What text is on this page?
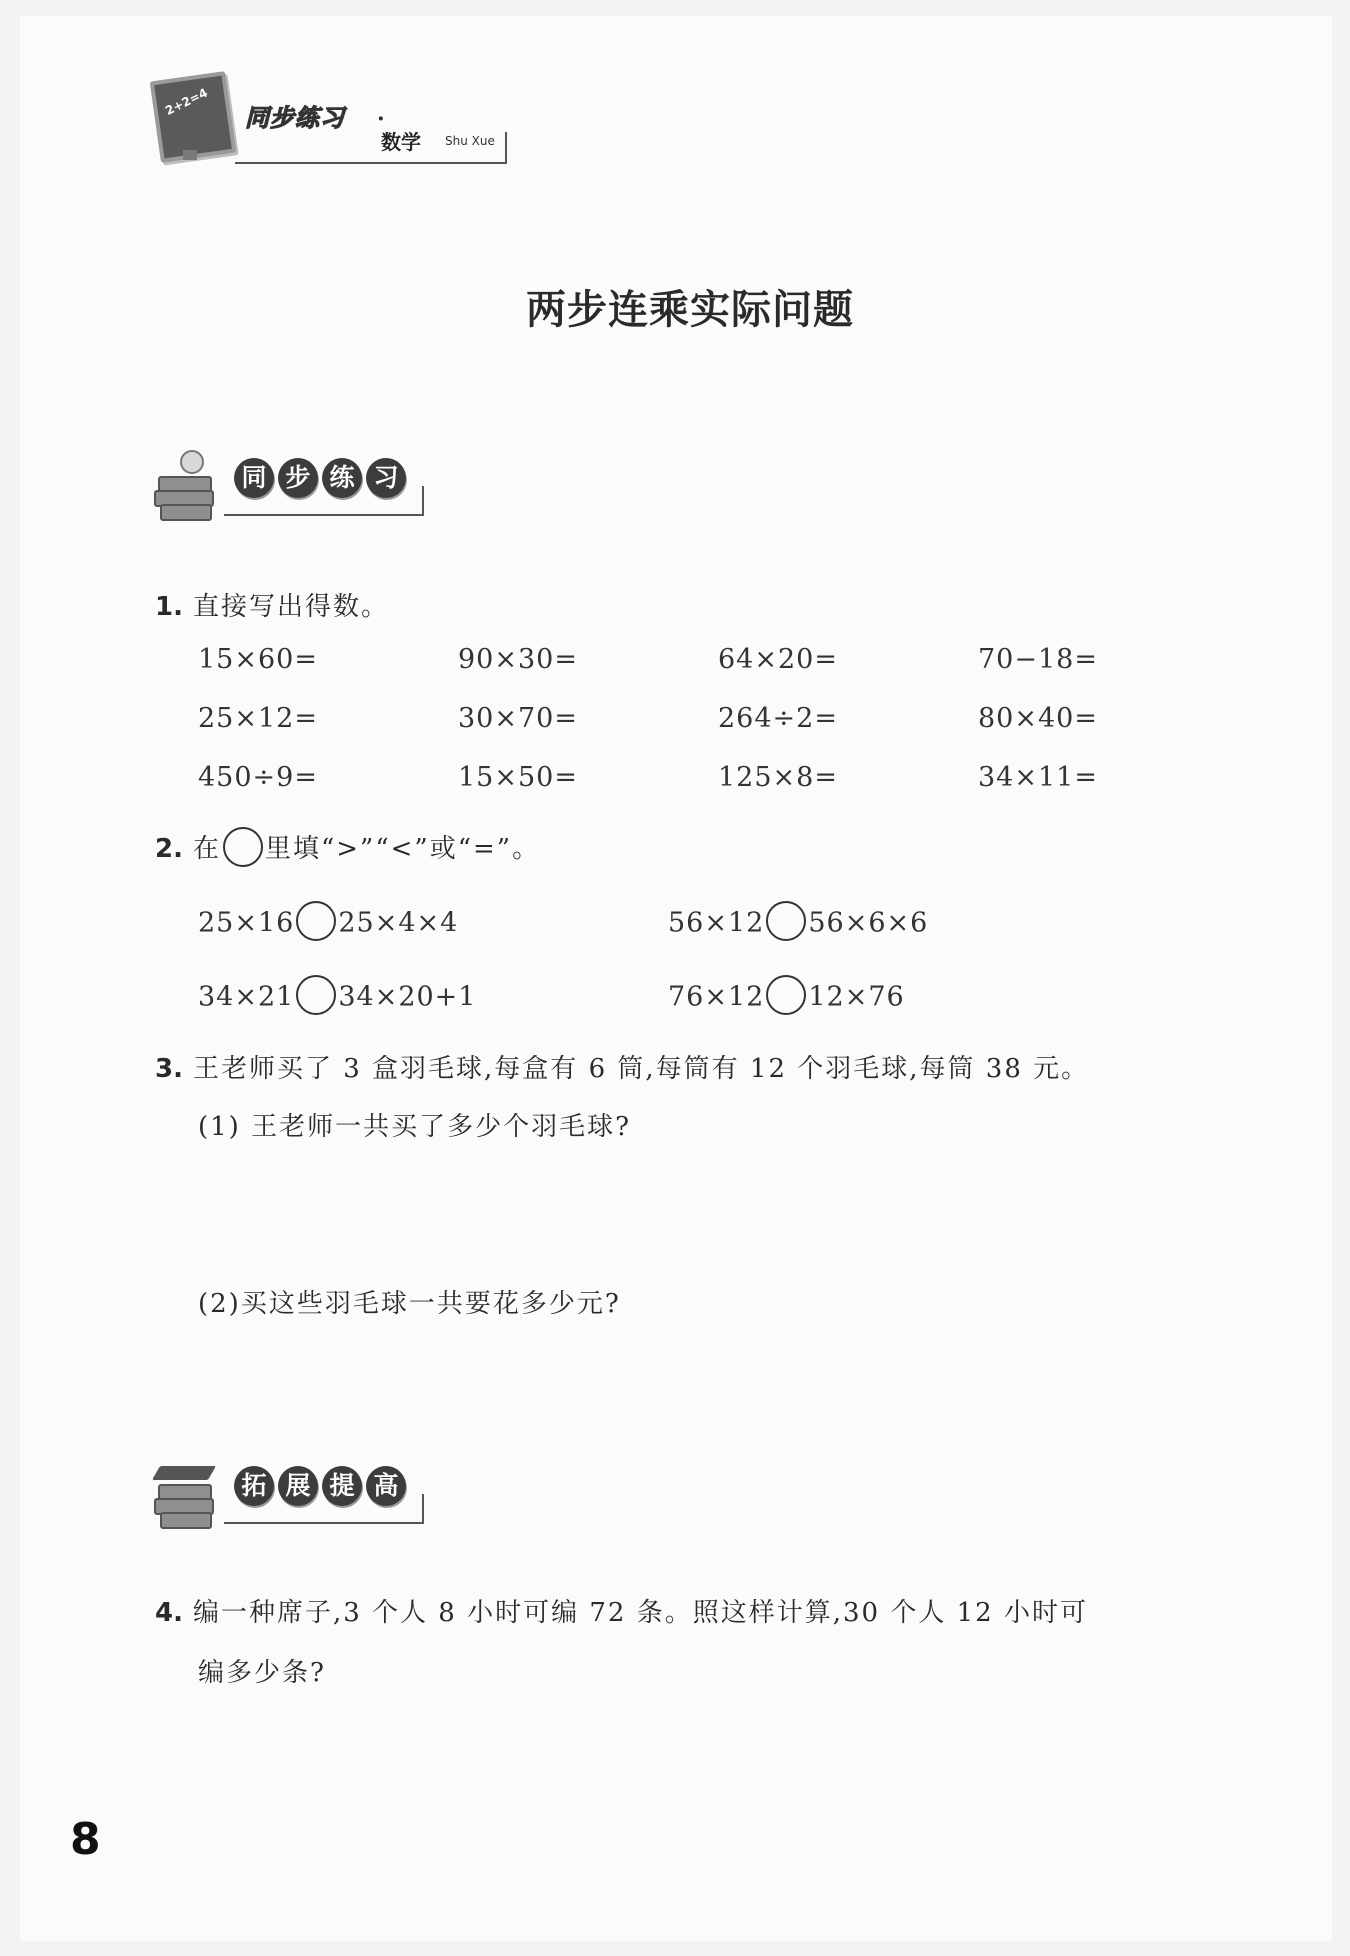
2+2=4
同步练习 ·
数学 Shu Xue
两步连乘实际问题
同 步 练 习
1. 直接写出得数。
15×60=	90×30=	64×20=	70−18=
25×12=	30×70=	264÷2=	80×40=
450÷9=	15×50=	125×8=	34×11=
2. 在 里填“>”“<”或“=”。
25×16 25×4×4	56×12 56×6×6
34×21 34×20+1	76×12 12×76
3. 王老师买了 3 盒羽毛球,每盒有 6 筒,每筒有 12 个羽毛球,每筒 38 元。
(1) 王老师一共买了多少个羽毛球?
(2)买这些羽毛球一共要花多少元?
拓 展 提 高
4. 编一种席子,3 个人 8 小时可编 72 条。照这样计算,30 个人 12 小时可
编多少条?
8
